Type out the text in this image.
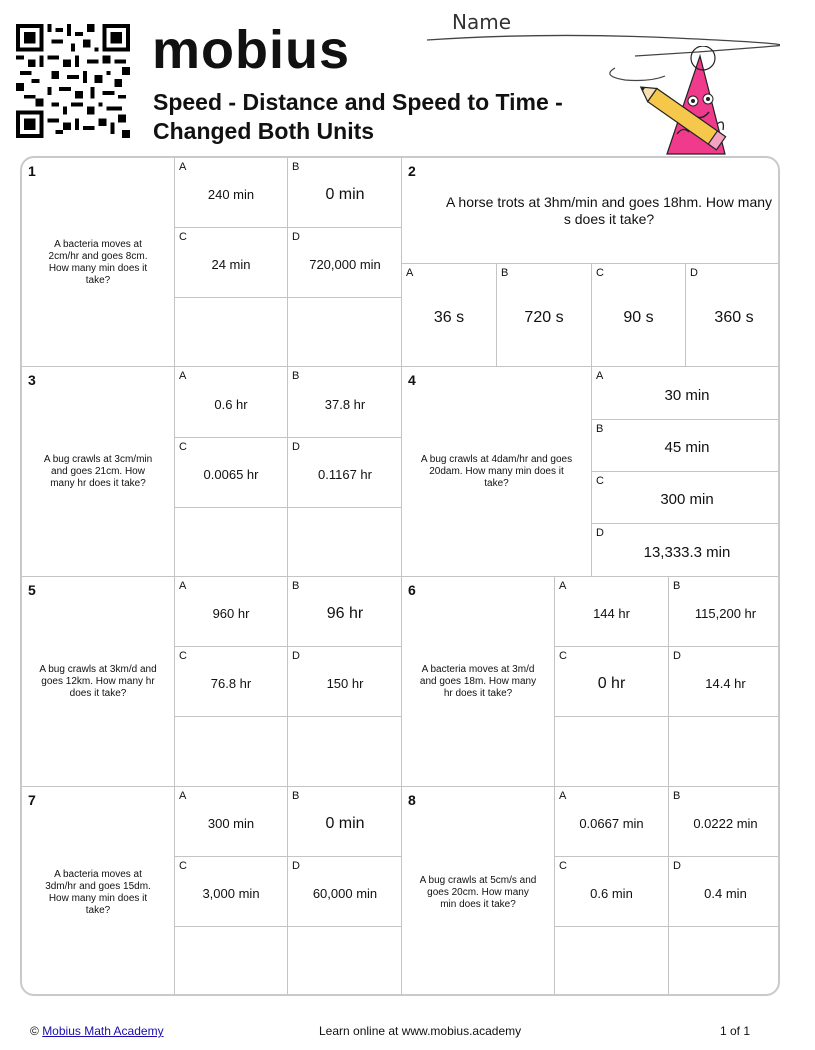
mobius
Speed - Distance and Speed to Time -
Changed Both Units
Name
1
A bacteria moves at 2cm/hr and goes 8cm. How many min does it take?
A
240 min
B
0 min
C
24 min
D
720,000 min
2
A horse trots at 3hm/min and goes 18hm. How many s does it take?
A
36 s
B
720 s
C
90 s
D
360 s
3
A bug crawls at 3cm/min and goes 21cm. How many hr does it take?
A
0.6 hr
B
37.8 hr
C
0.0065 hr
D
0.1167 hr
4
A bug crawls at 4dam/hr and goes 20dam. How many min does it take?
A
30 min
B
45 min
C
300 min
D
13,333.3 min
5
A bug crawls at 3km/d and goes 12km. How many hr does it take?
A
960 hr
B
96 hr
C
76.8 hr
D
150 hr
6
A bacteria moves at 3m/d and goes 18m. How many hr does it take?
A
144 hr
B
115,200 hr
C
0 hr
D
14.4 hr
7
A bacteria moves at 3dm/hr and goes 15dm. How many min does it take?
A
300 min
B
0 min
C
3,000 min
D
60,000 min
8
A bug crawls at 5cm/s and goes 20cm. How many min does it take?
A
0.0667 min
B
0.0222 min
C
0.6 min
D
0.4 min
© Mobius Math Academy	Learn online at www.mobius.academy	1 of 1
